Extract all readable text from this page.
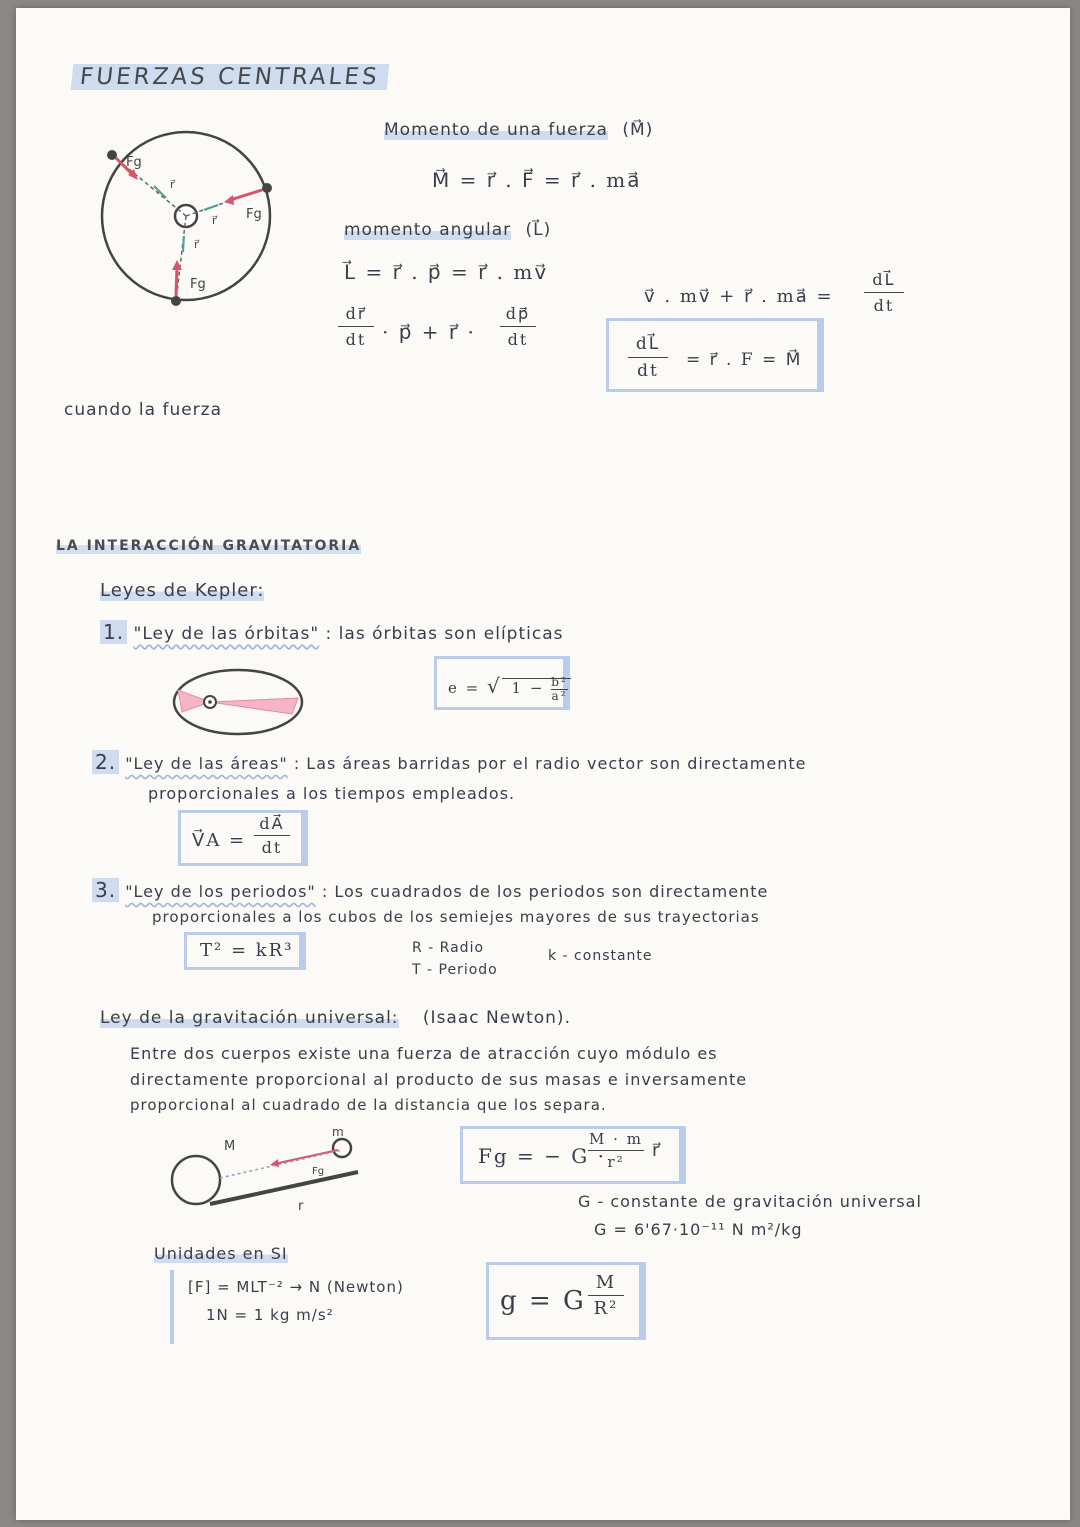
FUERZAS CENTRALES
Fg
Fg
Fg
r⃗
r⃗
r⃗
Momento de una fuerza (M⃗)
M⃗ = r⃗ . F⃗ = r⃗ . ma⃗
momento angular (L⃗)
L⃗ = r⃗ . p⃗ = r⃗ . mv⃗
$\frac{dr⃗}{dt}$ · p⃗ + r⃗ · $\frac{dp⃗}{dt}$
v⃗ . mv⃗ + r⃗ . ma⃗ = $\frac{dL⃗}{dt}$
$\frac{dL⃗}{dt}$ = r⃗ . F = M⃗
cuando la fuerza
LA INTERACCIÓN GRAVITATORIA
Leyes de Kepler:
1. "Ley de las órbitas" : las órbitas son elípticas
e = √ $1 - \frac{\text{b²}}{\text{a²}}$
2. "Ley de las áreas" : Las áreas barridas por el radio vector son directamente
proporcionales a los tiempos empleados.
V⃗A = $\frac{dA⃗}{dt}$
3. "Ley de los periodos" : Los cuadrados de los periodos son directamente
proporcionales a los cubos de los semiejes mayores de sus trayectorias
T² = kR³	R - Radio
T - Periodo
k - constante
Ley de la gravitación universal: (Isaac Newton).
Entre dos cuerpos existe una fuerza de atracción cuyo módulo es
directamente proporcional al producto de sus masas e inversamente
proporcional al cuadrado de la distancia que los separa.
M
m
Fg
r
Fg = − G ·
$\frac{M \cdot m}{\text{r²}}$ r⃗
G - constante de gravitación universal
G = 6'67·10⁻¹¹ N m²/kg
Unidades en SI
[F] = MLT⁻² → N (Newton)
1N = 1 kg m/s²	g = G $\frac{M}{\text{R²}}$
